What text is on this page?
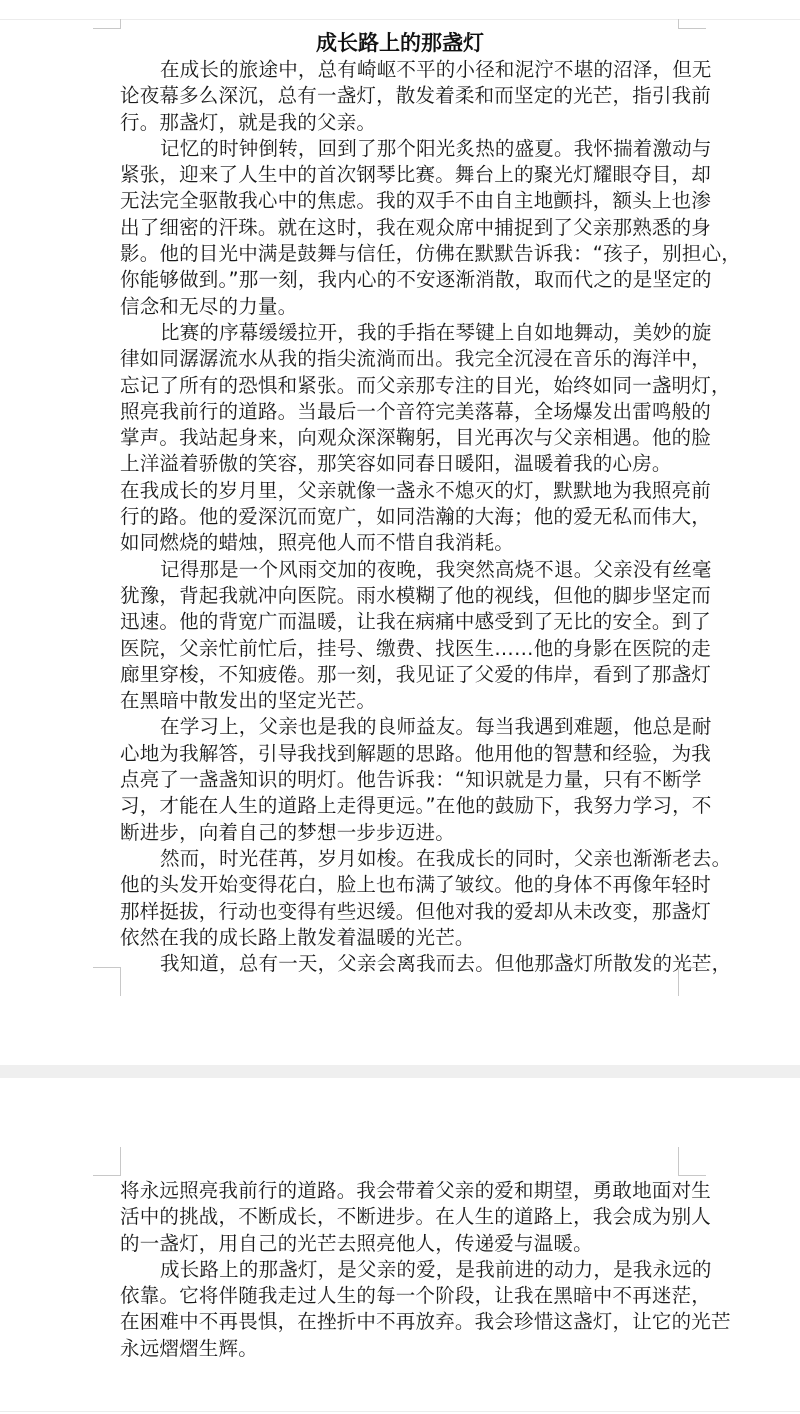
成长路上的那盏灯
在成长的旅途中，总有崎岖不平的小径和泥泞不堪的沼泽，但无
论夜幕多么深沉，总有一盏灯，散发着柔和而坚定的光芒，指引我前
行。那盏灯，就是我的父亲。
记忆的时钟倒转，回到了那个阳光炙热的盛夏。我怀揣着激动与
紧张，迎来了人生中的首次钢琴比赛。舞台上的聚光灯耀眼夺目，却
无法完全驱散我心中的焦虑。我的双手不由自主地颤抖，额头上也渗
出了细密的汗珠。就在这时，我在观众席中捕捉到了父亲那熟悉的身
影。他的目光中满是鼓舞与信任，仿佛在默默告诉我：“孩子，别担心，
你能够做到。”那一刻，我内心的不安逐渐消散，取而代之的是坚定的
信念和无尽的力量。
比赛的序幕缓缓拉开，我的手指在琴键上自如地舞动，美妙的旋
律如同潺潺流水从我的指尖流淌而出。我完全沉浸在音乐的海洋中，
忘记了所有的恐惧和紧张。而父亲那专注的目光，始终如同一盏明灯，
照亮我前行的道路。当最后一个音符完美落幕，全场爆发出雷鸣般的
掌声。我站起身来，向观众深深鞠躬，目光再次与父亲相遇。他的脸
上洋溢着骄傲的笑容，那笑容如同春日暖阳，温暖着我的心房。
在我成长的岁月里，父亲就像一盏永不熄灭的灯，默默地为我照亮前
行的路。他的爱深沉而宽广，如同浩瀚的大海；他的爱无私而伟大，
如同燃烧的蜡烛，照亮他人而不惜自我消耗。
记得那是一个风雨交加的夜晚，我突然高烧不退。父亲没有丝毫
犹豫，背起我就冲向医院。雨水模糊了他的视线，但他的脚步坚定而
迅速。他的背宽广而温暖，让我在病痛中感受到了无比的安全。到了
医院，父亲忙前忙后，挂号、缴费、找医生……他的身影在医院的走
廊里穿梭，不知疲倦。那一刻，我见证了父爱的伟岸，看到了那盏灯
在黑暗中散发出的坚定光芒。
在学习上，父亲也是我的良师益友。每当我遇到难题，他总是耐
心地为我解答，引导我找到解题的思路。他用他的智慧和经验，为我
点亮了一盏盏知识的明灯。他告诉我：“知识就是力量，只有不断学
习，才能在人生的道路上走得更远。”在他的鼓励下，我努力学习，不
断进步，向着自己的梦想一步步迈进。
然而，时光荏苒，岁月如梭。在我成长的同时，父亲也渐渐老去。
他的头发开始变得花白，脸上也布满了皱纹。他的身体不再像年轻时
那样挺拔，行动也变得有些迟缓。但他对我的爱却从未改变，那盏灯
依然在我的成长路上散发着温暖的光芒。
我知道，总有一天，父亲会离我而去。但他那盏灯所散发的光芒，
将永远照亮我前行的道路。我会带着父亲的爱和期望，勇敢地面对生
活中的挑战，不断成长，不断进步。在人生的道路上，我会成为别人
的一盏灯，用自己的光芒去照亮他人，传递爱与温暖。
成长路上的那盏灯，是父亲的爱，是我前进的动力，是我永远的
依靠。它将伴随我走过人生的每一个阶段，让我在黑暗中不再迷茫，
在困难中不再畏惧，在挫折中不再放弃。我会珍惜这盏灯，让它的光芒
永远熠熠生辉。
